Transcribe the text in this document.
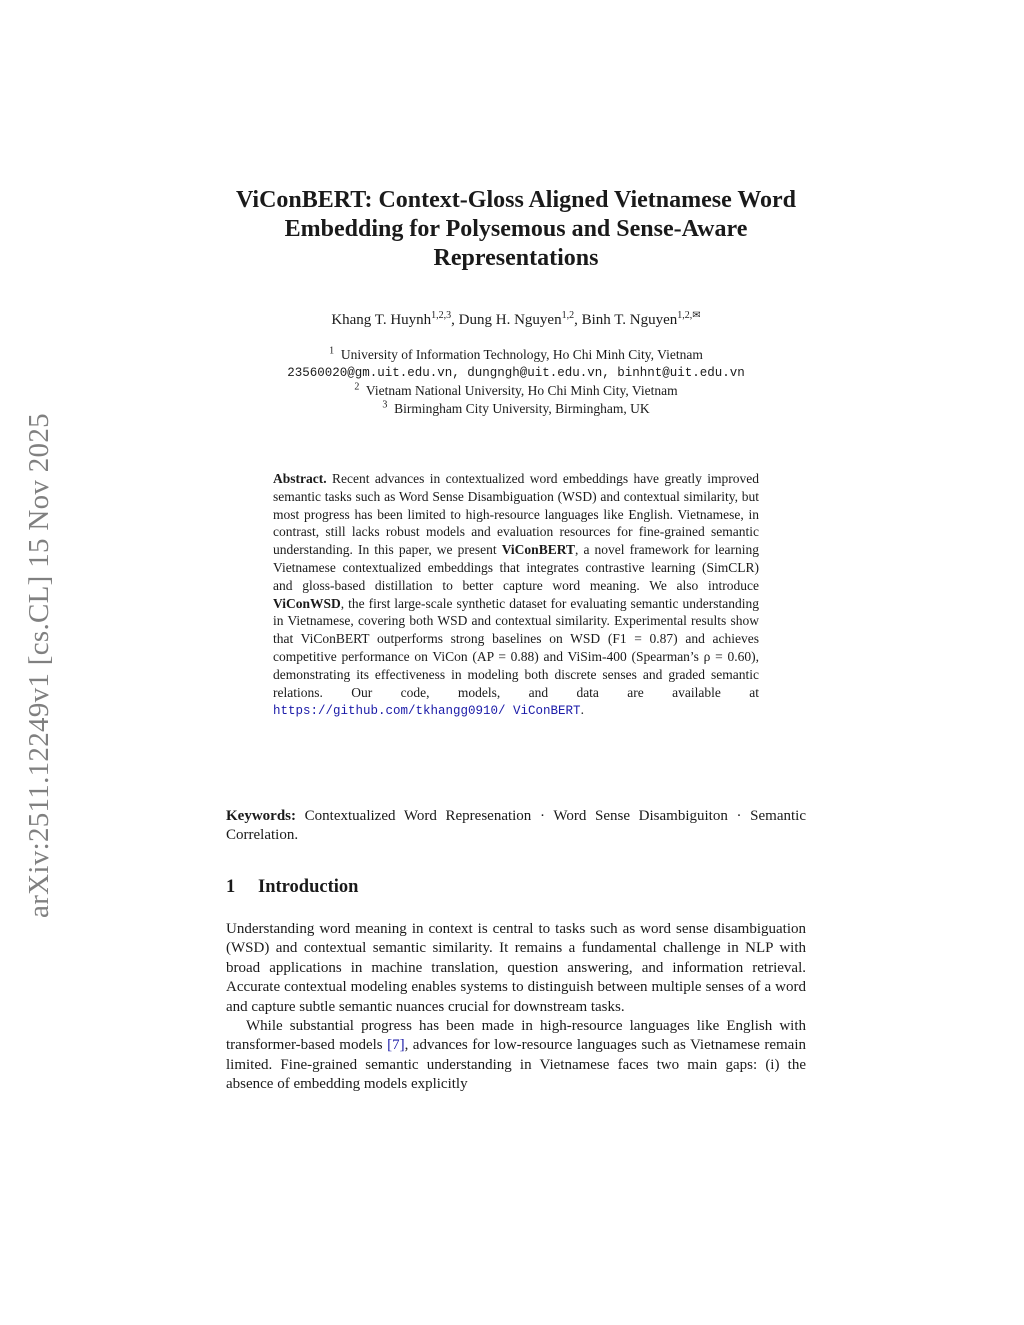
arXiv:2511.12249v1 [cs.CL] 15 Nov 2025
ViConBERT: Context-Gloss Aligned Vietnamese Word Embedding for Polysemous and Sense-Aware Representations
Khang T. Huynh$^{1,2,3}$, Dung H. Nguyen$^{1,2}$, Binh T. Nguyen$^{1,2,✉}$
$^1$ University of Information Technology, Ho Chi Minh City, Vietnam
23560020@gm.uit.edu.vn, dungngh@uit.edu.vn, binhnt@uit.edu.vn
$^2$ Vietnam National University, Ho Chi Minh City, Vietnam
$^3$ Birmingham City University, Birmingham, UK
Abstract. Recent advances in contextualized word embeddings have greatly improved semantic tasks such as Word Sense Disambiguation (WSD) and contextual similarity, but most progress has been limited to high-resource languages like English. Vietnamese, in contrast, still lacks robust models and evaluation resources for fine-grained semantic understanding. In this paper, we present ViConBERT, a novel framework for learning Vietnamese contextualized embeddings that integrates contrastive learning (SimCLR) and gloss-based distillation to better capture word meaning. We also introduce ViConWSD, the first large-scale synthetic dataset for evaluating semantic understanding in Vietnamese, covering both WSD and contextual similarity. Experimental results show that ViConBERT outperforms strong baselines on WSD (F1 = 0.87) and achieves competitive performance on ViCon (AP = 0.88) and ViSim-400 (Spearman’s ρ = 0.60), demonstrating its effectiveness in modeling both discrete senses and graded semantic relations. Our code, models, and data are available at https://github.com/tkhangg0910/ ViConBERT.
Keywords: Contextualized Word Represenation · Word Sense Disambiguiton · Semantic Correlation.
1 Introduction

Understanding word meaning in context is central to tasks such as word sense disambiguation (WSD) and contextual semantic similarity. It remains a fundamental challenge in NLP with broad applications in machine translation, question answering, and information retrieval. Accurate contextual modeling enables systems to distinguish between multiple senses of a word and capture subtle semantic nuances crucial for downstream tasks.

While substantial progress has been made in high-resource languages like English with transformer-based models [7], advances for low-resource languages such as Vietnamese remain limited. Fine-grained semantic understanding in Vietnamese faces two main gaps: (i) the absence of embedding models explicitly
